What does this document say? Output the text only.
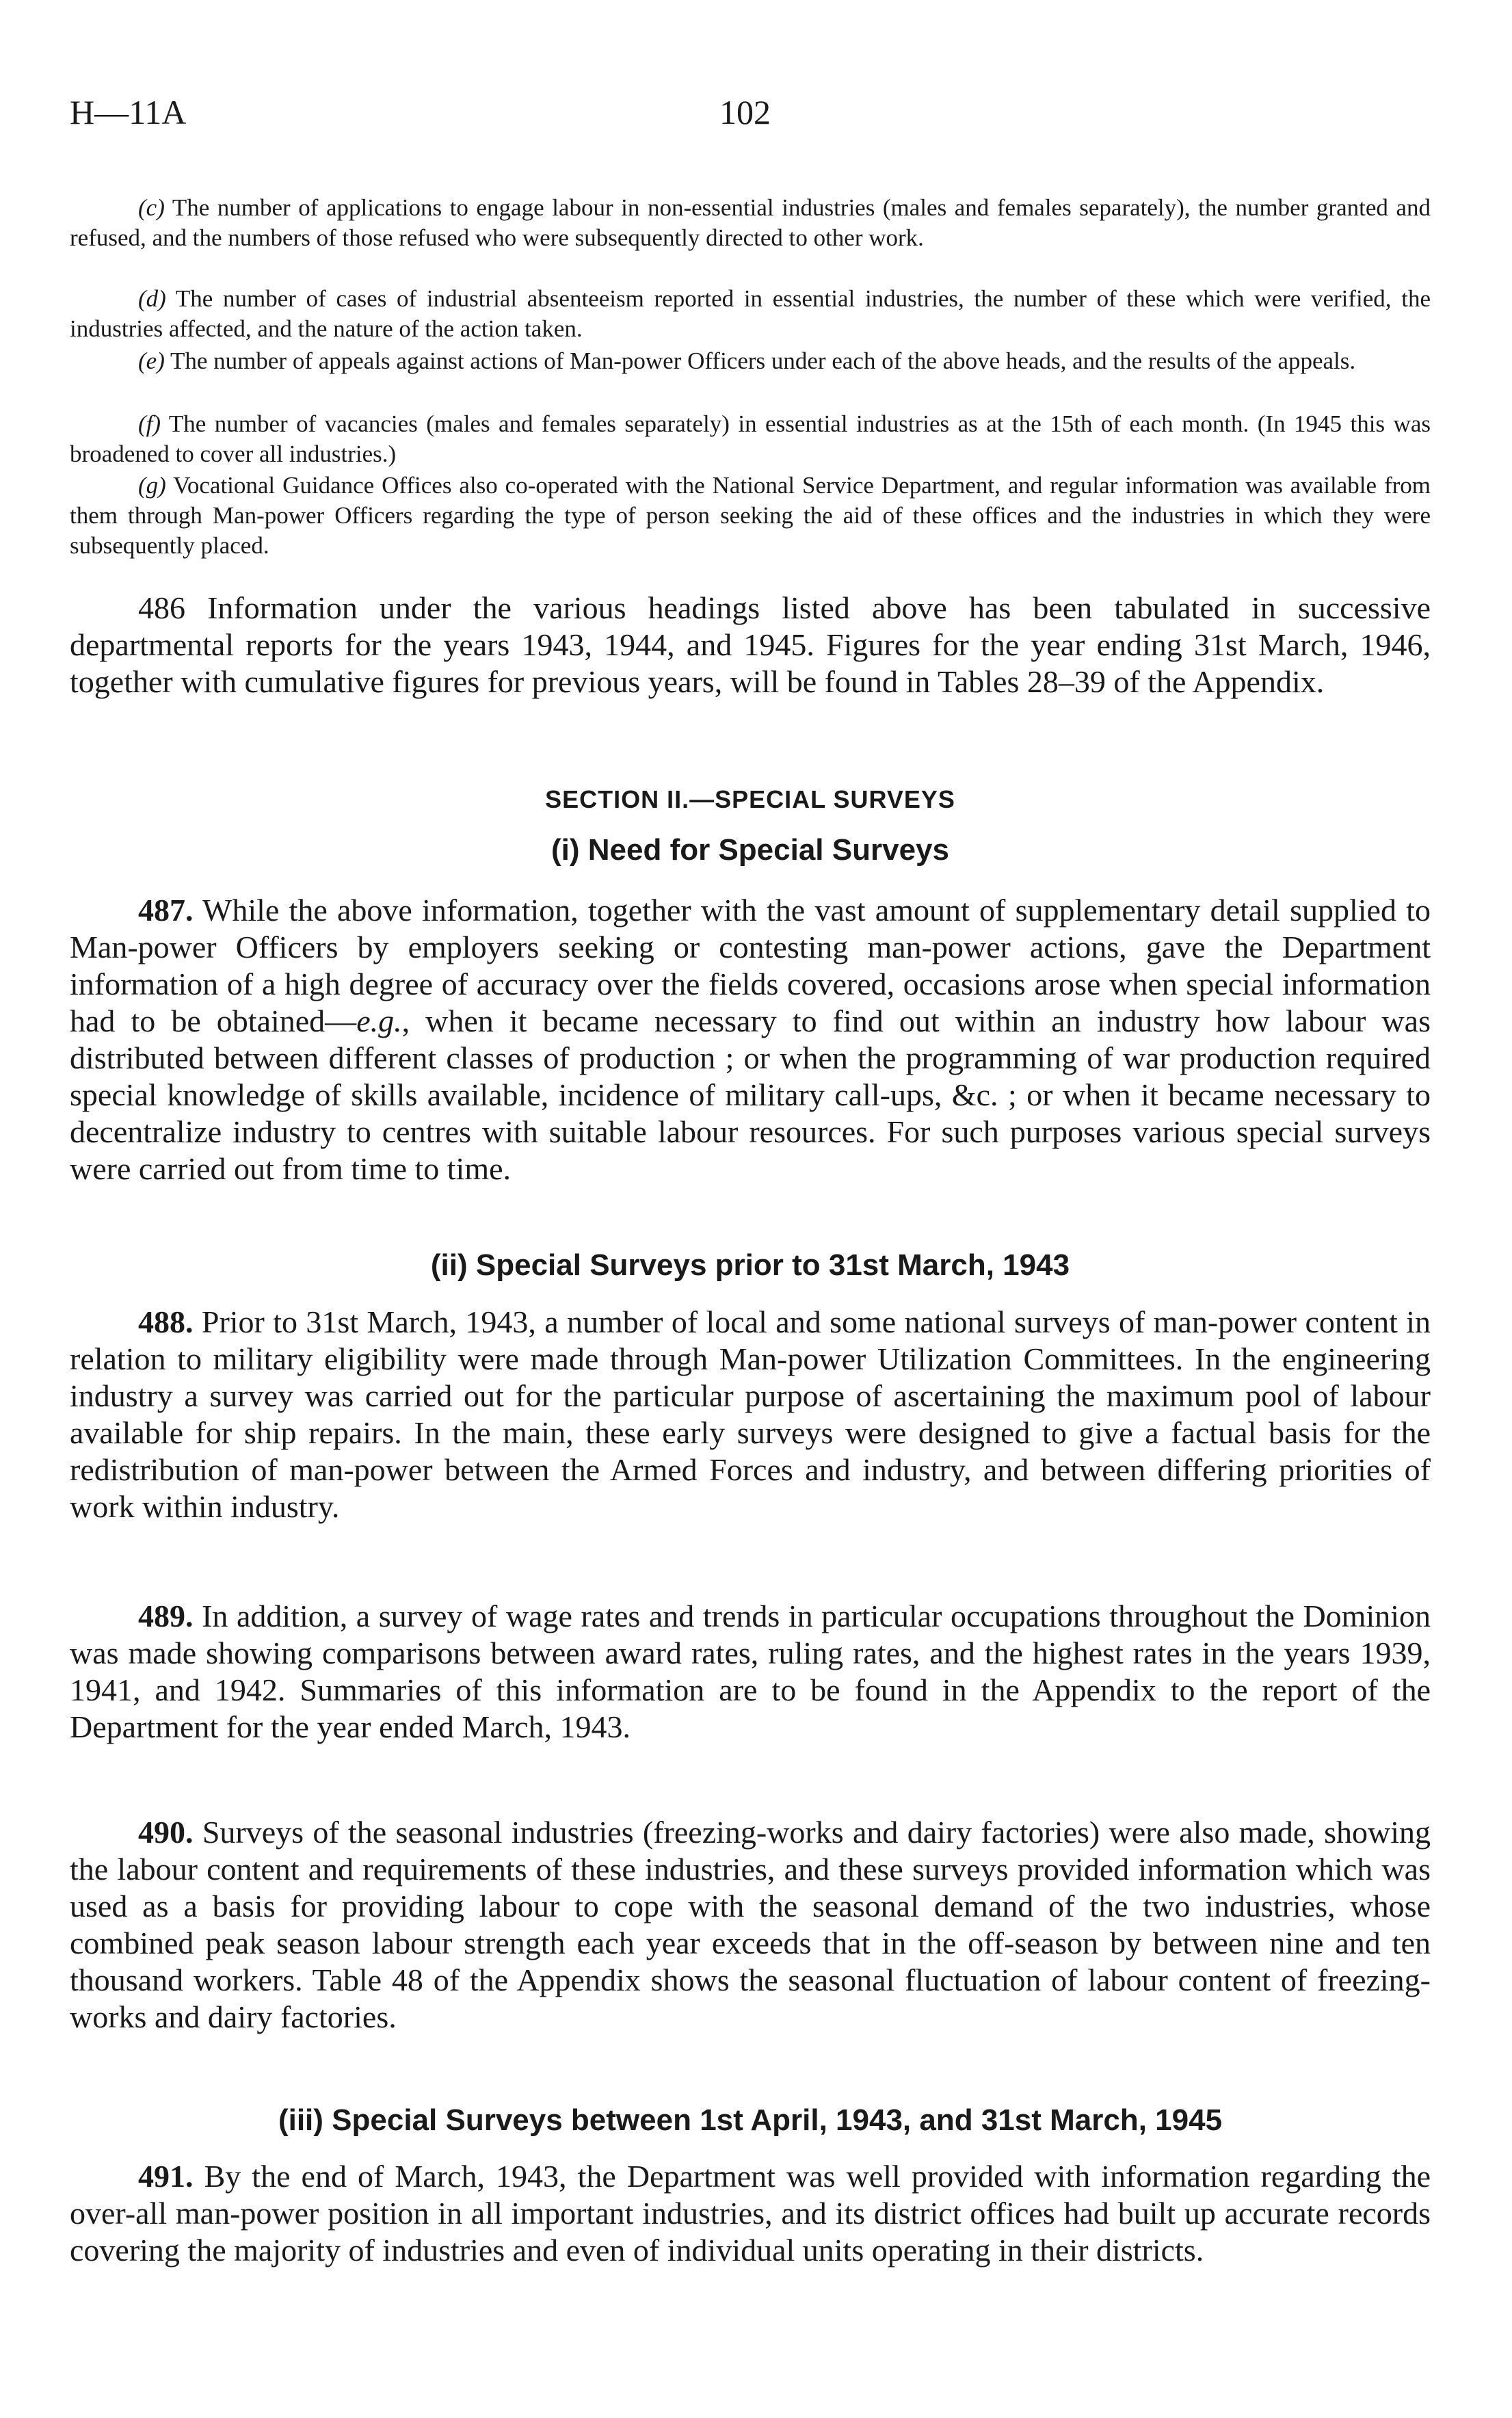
H—11A	102

(c) The number of applications to engage labour in non-essential industries (males and females separately), the number granted and refused, and the numbers of those refused who were subsequently directed to other work.

(d) The number of cases of industrial absenteeism reported in essential industries, the number of these which were verified, the industries affected, and the nature of the action taken.

(e) The number of appeals against actions of Man-power Officers under each of the above heads, and the results of the appeals.

(f) The number of vacancies (males and females separately) in essential industries as at the 15th of each month. (In 1945 this was broadened to cover all industries.)

(g) Vocational Guidance Offices also co-operated with the National Service Department, and regular information was available from them through Man-power Officers regarding the type of person seeking the aid of these offices and the industries in which they were subsequently placed.

486 Information under the various headings listed above has been tabulated in successive departmental reports for the years 1943, 1944, and 1945. Figures for the year ending 31st March, 1946, together with cumulative figures for previous years, will be found in Tables 28–39 of the Appendix.

SECTION II.—SPECIAL SURVEYS
(i) Need for Special Surveys

487. While the above information, together with the vast amount of supplementary detail supplied to Man-power Officers by employers seeking or contesting man-power actions, gave the Department information of a high degree of accuracy over the fields covered, occasions arose when special information had to be obtained—e.g., when it became necessary to find out within an industry how labour was distributed between different classes of production ; or when the programming of war production required special knowledge of skills available, incidence of military call-ups, &c. ; or when it became necessary to decentralize industry to centres with suitable labour resources. For such purposes various special surveys were carried out from time to time.

(ii) Special Surveys prior to 31st March, 1943

488. Prior to 31st March, 1943, a number of local and some national surveys of man-power content in relation to military eligibility were made through Man-power Utilization Committees. In the engineering industry a survey was carried out for the particular purpose of ascertaining the maximum pool of labour available for ship repairs. In the main, these early surveys were designed to give a factual basis for the redistribution of man-power between the Armed Forces and industry, and between differing priorities of work within industry.

489. In addition, a survey of wage rates and trends in particular occupations throughout the Dominion was made showing comparisons between award rates, ruling rates, and the highest rates in the years 1939, 1941, and 1942. Summaries of this information are to be found in the Appendix to the report of the Department for the year ended March, 1943.

490. Surveys of the seasonal industries (freezing-works and dairy factories) were also made, showing the labour content and requirements of these industries, and these surveys provided information which was used as a basis for providing labour to cope with the seasonal demand of the two industries, whose combined peak season labour strength each year exceeds that in the off-season by between nine and ten thousand workers. Table 48 of the Appendix shows the seasonal fluctuation of labour content of freezing-works and dairy factories.

(iii) Special Surveys between 1st April, 1943, and 31st March, 1945

491. By the end of March, 1943, the Department was well provided with information regarding the over-all man-power position in all important industries, and its district offices had built up accurate records covering the majority of industries and even of individual units operating in their districts.
